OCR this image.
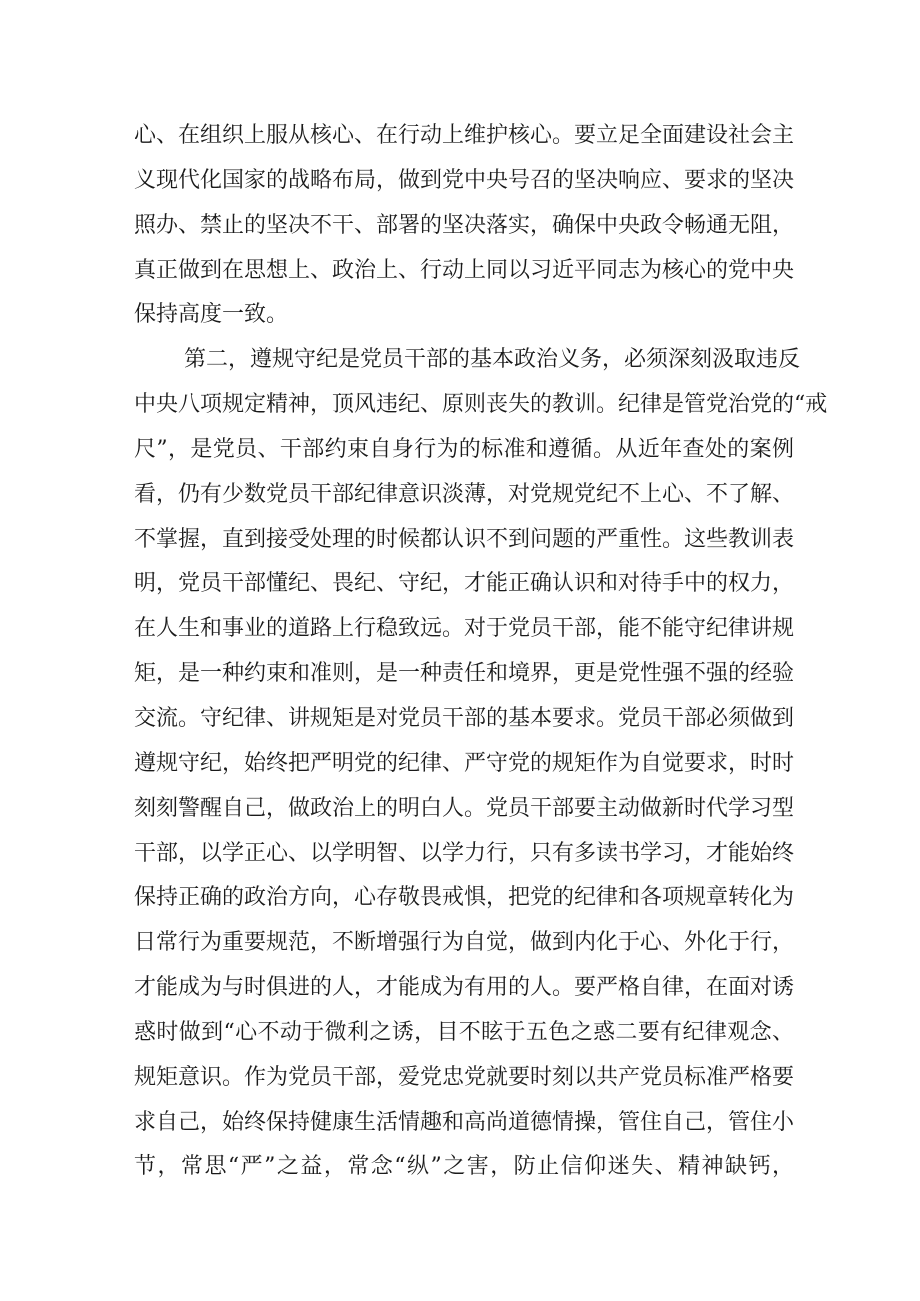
心、在组织上服从核心、在行动上维护核心。要立足全面建设社会主
义现代化国家的战略布局，做到党中央号召的坚决响应、要求的坚决
照办、禁止的坚决不干、部署的坚决落实，确保中央政令畅通无阻，
真正做到在思想上、政治上、行动上同以习近平同志为核心的党中央
保持高度一致。
第二，遵规守纪是党员干部的基本政治义务，必须深刻汲取违反
中央八项规定精神，顶风违纪、原则丧失的教训。纪律是管党治党的“戒
尺”，是党员、干部约束自身行为的标准和遵循。从近年查处的案例
看，仍有少数党员干部纪律意识淡薄，对党规党纪不上心、不了解、
不掌握，直到接受处理的时候都认识不到问题的严重性。这些教训表
明，党员干部懂纪、畏纪、守纪，才能正确认识和对待手中的权力，
在人生和事业的道路上行稳致远。对于党员干部，能不能守纪律讲规
矩，是一种约束和准则，是一种责任和境界，更是党性强不强的经验
交流。守纪律、讲规矩是对党员干部的基本要求。党员干部必须做到
遵规守纪，始终把严明党的纪律、严守党的规矩作为自觉要求，时时
刻刻警醒自己，做政治上的明白人。党员干部要主动做新时代学习型
干部，以学正心、以学明智、以学力行，只有多读书学习，才能始终
保持正确的政治方向，心存敬畏戒惧，把党的纪律和各项规章转化为
日常行为重要规范，不断增强行为自觉，做到内化于心、外化于行，
才能成为与时俱进的人，才能成为有用的人。要严格自律，在面对诱
惑时做到“心不动于微利之诱，目不眩于五色之惑二要有纪律观念、
规矩意识。作为党员干部，爱党忠党就要时刻以共产党员标准严格要
求自己，始终保持健康生活情趣和高尚道德情操，管住自己，管住小
节，常思“严”之益，常念“纵”之害，防止信仰迷失、精神缺钙，
